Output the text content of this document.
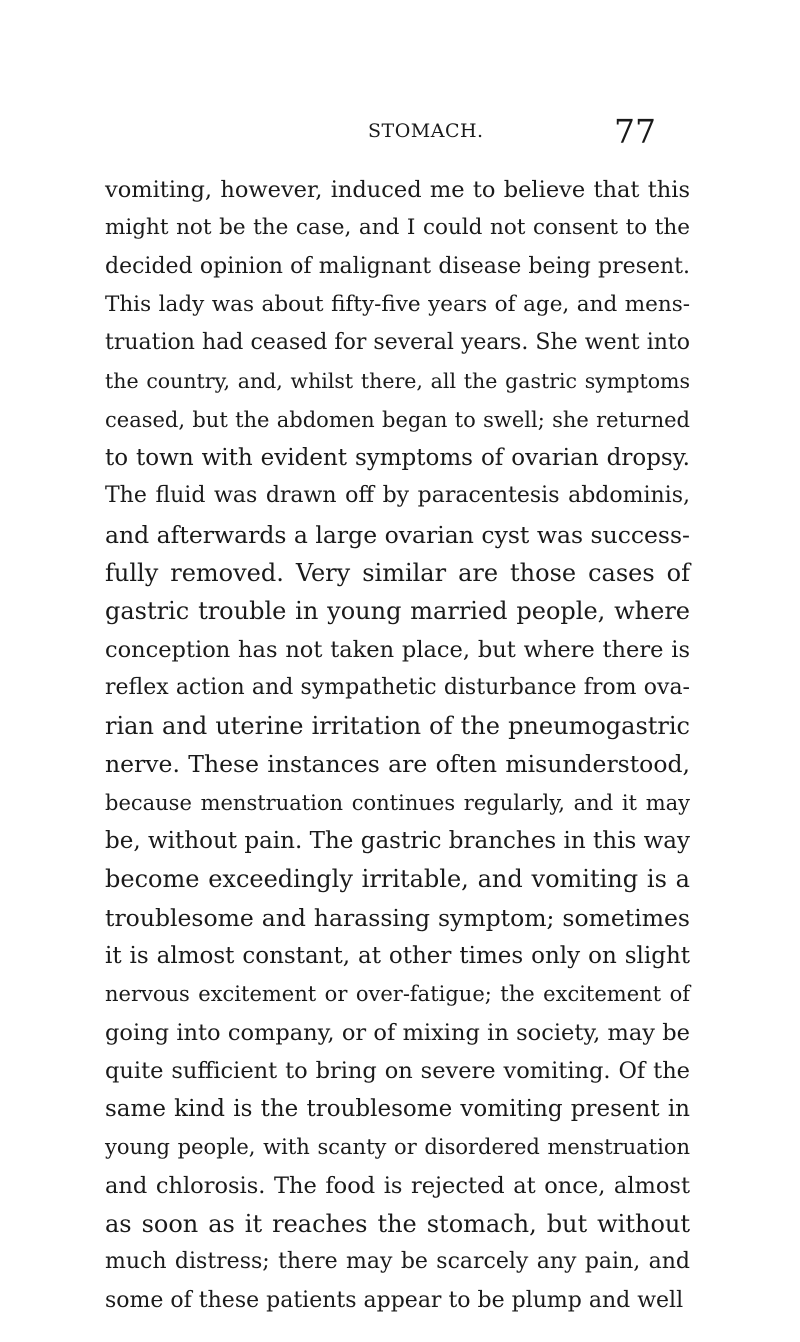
STOMACH.	77
vomiting, however, induced me to believe that this
might not be the case, and I could not consent to the
decided opinion of malignant disease being present.
This lady was about fifty-five years of age, and mens-
truation had ceased for several years. She went into
the country, and, whilst there, all the gastric symptoms
ceased, but the abdomen began to swell; she returned
to town with evident symptoms of ovarian dropsy.
The fluid was drawn off by paracentesis abdominis,
and afterwards a large ovarian cyst was success-
fully removed. Very similar are those cases of
gastric trouble in young married people, where
conception has not taken place, but where there is
reflex action and sympathetic disturbance from ova-
rian and uterine irritation of the pneumogastric
nerve. These instances are often misunderstood,
because menstruation continues regularly, and it may
be, without pain. The gastric branches in this way
become exceedingly irritable, and vomiting is a
troublesome and harassing symptom; sometimes
it is almost constant, at other times only on slight
nervous excitement or over-fatigue; the excitement of
going into company, or of mixing in society, may be
quite sufficient to bring on severe vomiting. Of the
same kind is the troublesome vomiting present in
young people, with scanty or disordered menstruation
and chlorosis. The food is rejected at once, almost
as soon as it reaches the stomach, but without
much distress; there may be scarcely any pain, and
some of these patients appear to be plump and well
